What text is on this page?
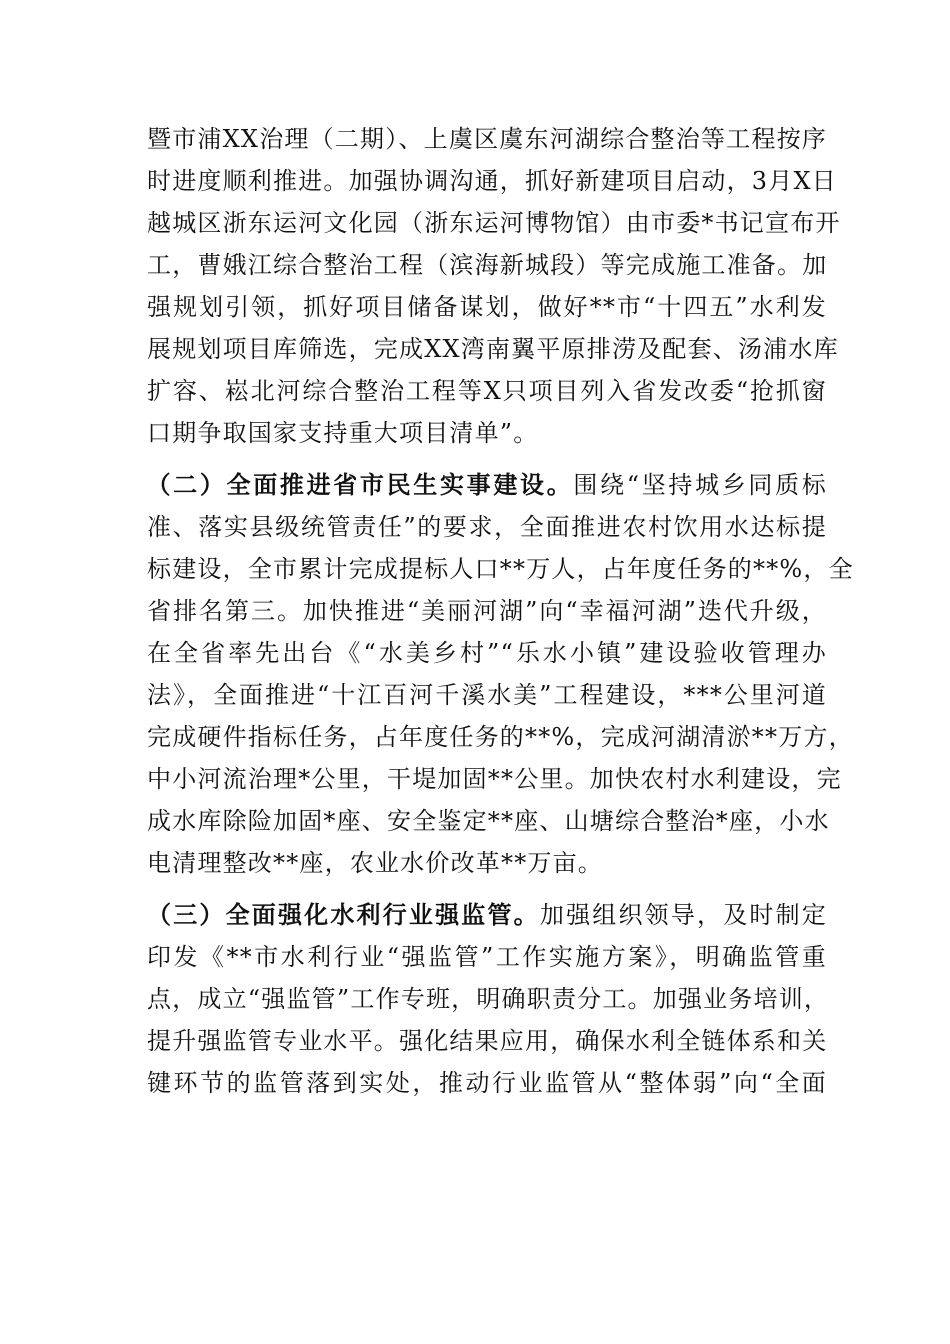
暨市浦XX治理（二期）、上虞区虞东河湖综合整治等工程按序
时进度顺利推进。加强协调沟通，抓好新建项目启动，3月X日
越城区浙东运河文化园（浙东运河博物馆）由市委*书记宣布开
工，曹娥江综合整治工程（滨海新城段）等完成施工准备。加
强规划引领，抓好项目储备谋划，做好**市“十四五”水利发
展规划项目库筛选，完成XX湾南翼平原排涝及配套、汤浦水库
扩容、崧北河综合整治工程等X只项目列入省发改委“抢抓窗
口期争取国家支持重大项目清单”。
（二）全面推进省市民生实事建设。围绕“坚持城乡同质标
准、落实县级统管责任”的要求，全面推进农村饮用水达标提
标建设，全市累计完成提标人口**万人，占年度任务的**%，全
省排名第三。加快推进“美丽河湖”向“幸福河湖”迭代升级，
在全省率先出台《“水美乡村”“乐水小镇”建设验收管理办
法》，全面推进“十江百河千溪水美”工程建设，***公里河道
完成硬件指标任务，占年度任务的**%，完成河湖清淤**万方，
中小河流治理*公里，干堤加固**公里。加快农村水利建设，完
成水库除险加固*座、安全鉴定**座、山塘综合整治*座，小水
电清理整改**座，农业水价改革**万亩。
（三）全面强化水利行业强监管。加强组织领导，及时制定
印发《**市水利行业“强监管”工作实施方案》，明确监管重
点，成立“强监管”工作专班，明确职责分工。加强业务培训，
提升强监管专业水平。强化结果应用，确保水利全链体系和关
键环节的监管落到实处，推动行业监管从“整体弱”向“全面
